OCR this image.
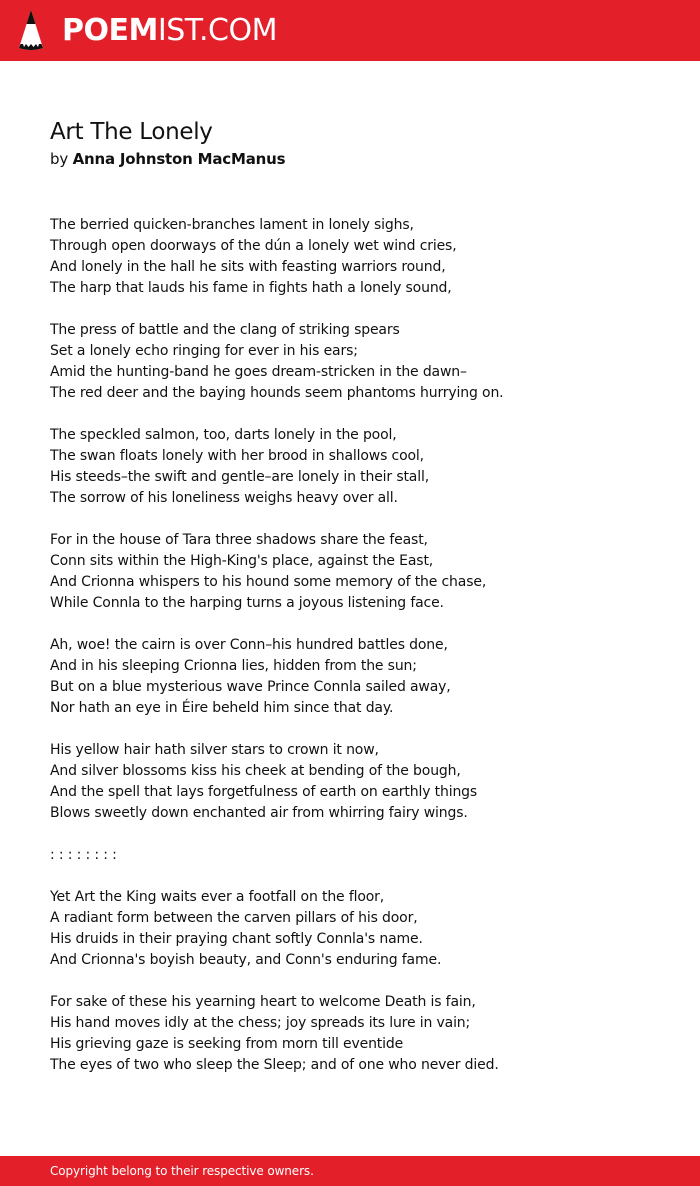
POEMIST.COM
Art The Lonely
by Anna Johnston MacManus
The berried quicken-branches lament in lonely sighs,
Through open doorways of the dún a lonely wet wind cries,
And lonely in the hall he sits with feasting warriors round,
The harp that lauds his fame in fights hath a lonely sound,
The press of battle and the clang of striking spears
Set a lonely echo ringing for ever in his ears;
Amid the hunting-band he goes dream-stricken in the dawn–
The red deer and the baying hounds seem phantoms hurrying on.
The speckled salmon, too, darts lonely in the pool,
The swan floats lonely with her brood in shallows cool,
His steeds–the swift and gentle–are lonely in their stall,
The sorrow of his loneliness weighs heavy over all.
For in the house of Tara three shadows share the feast,
Conn sits within the High-King's place, against the East,
And Crionna whispers to his hound some memory of the chase,
While Connla to the harping turns a joyous listening face.
Ah, woe! the cairn is over Conn–his hundred battles done,
And in his sleeping Crionna lies, hidden from the sun;
But on a blue mysterious wave Prince Connla sailed away,
Nor hath an eye in Éire beheld him since that day.
His yellow hair hath silver stars to crown it now,
And silver blossoms kiss his cheek at bending of the bough,
And the spell that lays forgetfulness of earth on earthly things
Blows sweetly down enchanted air from whirring fairy wings.
: : : : : : : :
Yet Art the King waits ever a footfall on the floor,
A radiant form between the carven pillars of his door,
His druids in their praying chant softly Connla's name.
And Crionna's boyish beauty, and Conn's enduring fame.
For sake of these his yearning heart to welcome Death is fain,
His hand moves idly at the chess; joy spreads its lure in vain;
His grieving gaze is seeking from morn till eventide
The eyes of two who sleep the Sleep; and of one who never died.
Copyright belong to their respective owners.
